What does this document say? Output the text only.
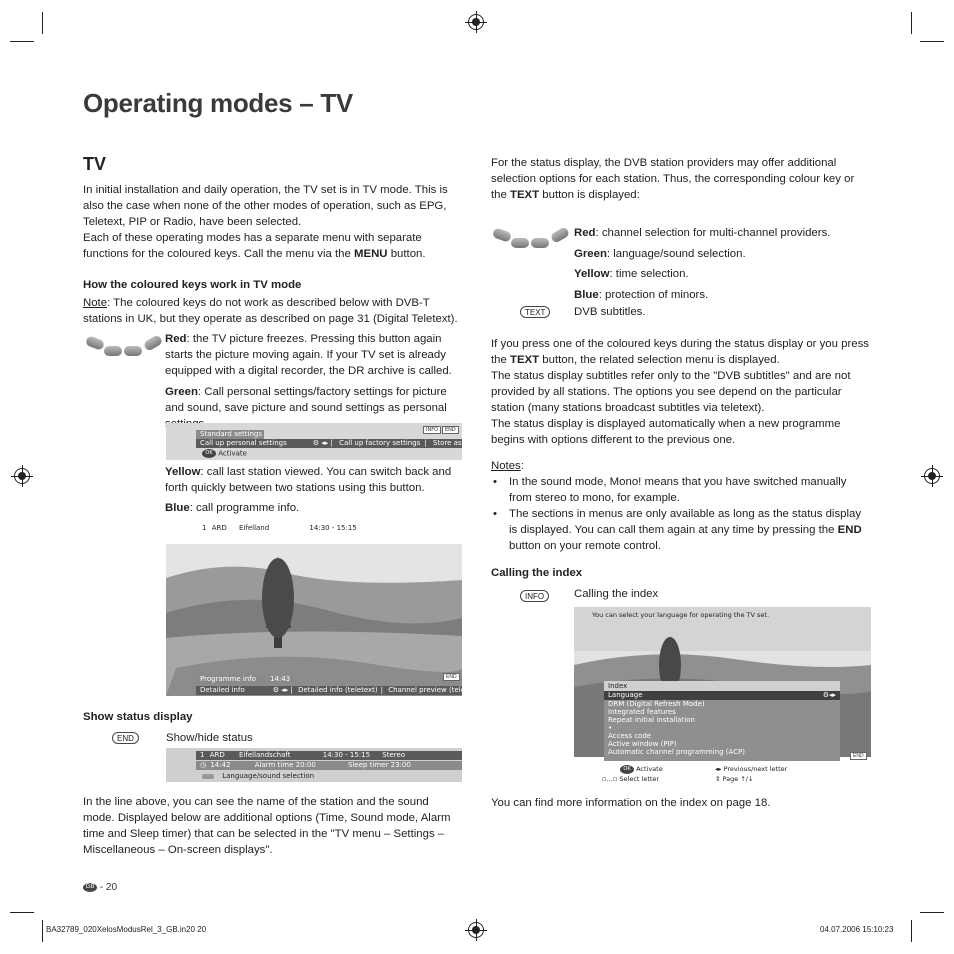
Operating modes – TV
TV

In initial installation and daily operation, the TV set is in TV mode. This is also the case when none of the other modes of operation, such as EPG, Teletext, PIP or Radio, have been selected.

Each of these operating modes has a separate menu with separate functions for the coloured keys. Call the menu via the MENU button.

How the coloured keys work in TV mode

Note: The coloured keys do not work as described below with DVB-T stations in UK, but they operate as described on page 31 (Digital Teletext).

Red: the TV picture freezes. Pressing this button again starts the picture moving again. If your TV set is already equipped with a digital recorder, the DR archive is called.

Green: Call personal settings/factory settings for picture and sound, save picture and sound settings as personal

INFO	END
Standard settings
Call up personal settings	⚙ ◂▸ | Call up factory settings | Store as per
OK Activate

Yellow: call last station viewed. You can switch back and forth quickly between two stations using this button.

Blue: call programme info.

1 ARD Eifelland	14:30 - 15:15
Programme info 14:43	END
Detailed info	⚙ ◂▸ | Detailed info (teletext) | Channel preview (tele
Show status display
END	Show/hide status
1 ARD Eifellandschaft	14:30 - 15:15 Stereo
◷ 14:42	Alarm time 20:00	Sleep timer 23:00
Language/sound selection
In the line above, you can see the name of the station and the sound mode. Displayed below are additional options (Time, Sound mode, Alarm time and Sleep timer) that can be selected in the "TV menu – Settings – Miscellaneous – On-screen displays".

For the status display, the DVB station providers may offer additional selection options for each station. Thus, the corresponding colour key or the TEXT button is displayed:

Red: channel selection for multi-channel providers.

Green: language/sound selection.

Yellow: time selection.

Blue: protection of minors.

TEXT	DVB subtitles.

If you press one of the coloured keys during the status display or you press the TEXT button, the related selection menu is displayed.

The status display subtitles refer only to the "DVB subtitles" and are not provided by all stations. The options you see depend on the particular station (many stations broadcast subtitles via teletext).

The status display is displayed automatically when a new programme begins with options different to the previous one.

Notes:

• In the sound mode, Mono! means that you have switched manually from stereo to mono, for example.
• The sections in menus are only available as long as the status display is displayed. You can call them again at any time by pressing the END button on your remote control.
Calling the index
INFO	Calling the index
You can select your language for operating the TV set.
Index
Language	⚙◂▸
DRM (Digital Refresh Mode)
Integrated features
Repeat initial installation
•
Access code
Active window (PIP)
Automatic channel programming (ACP)	END
OK Activate	◂▸ Previous/next letter
▫…▫ Select letter	⇕ Page ↑/↓
You can find more information on the index on page 18.
GB - 20
BA32789_020XelosModusRel_3_GB.in20 20	04.07.2006 15:10:23
